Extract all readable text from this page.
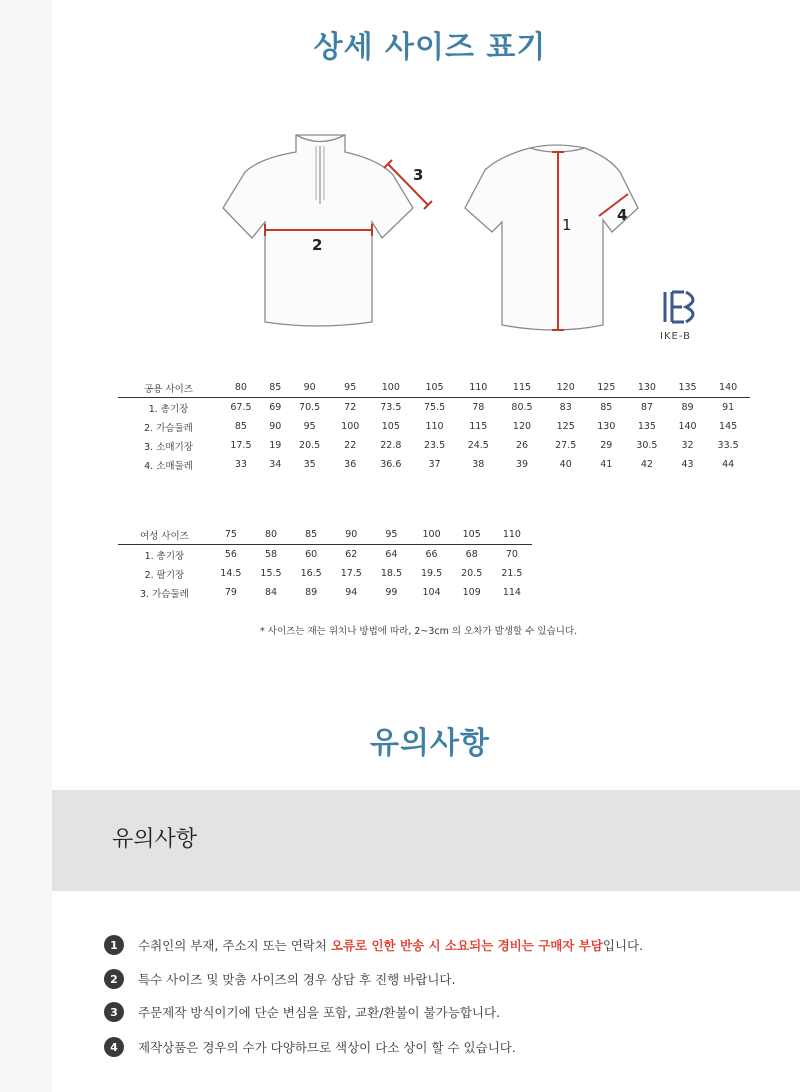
상세 사이즈 표기
1
2
3
4
IKE-B
공용 사이즈	80	85	90	95	100	105	110	115	120	125	130	135	140
1. 총기장	67.5	69	70.5	72	73.5	75.5	78	80.5	83	85	87	89	91
2. 가슴둘레	85	90	95	100	105	110	115	120	125	130	135	140	145
3. 소매기장	17.5	19	20.5	22	22.8	23.5	24.5	26	27.5	29	30.5	32	33.5
4. 소매둘레	33	34	35	36	36.6	37	38	39	40	41	42	43	44
여성 사이즈	75	80	85	90	95	100	105	110
1. 총기장	56	58	60	62	64	66	68	70
2. 팔기장	14.5	15.5	16.5	17.5	18.5	19.5	20.5	21.5
3. 가슴둘레	79	84	89	94	99	104	109	114
* 사이즈는 재는 위치나 방법에 따라, 2~3cm 의 오차가 발생할 수 있습니다.
유의사항
유의사항
1	수취인의 부재, 주소지 또는 연락처 오류로 인한 반송 시 소요되는 경비는 구매자 부담입니다.
2	특수 사이즈 및 맞춤 사이즈의 경우 상담 후 진행 바랍니다.
3	주문제작 방식이기에 단순 변심을 포함, 교환/환불이 불가능합니다.
4	제작상품은 경우의 수가 다양하므로 색상이 다소 상이 할 수 있습니다.
